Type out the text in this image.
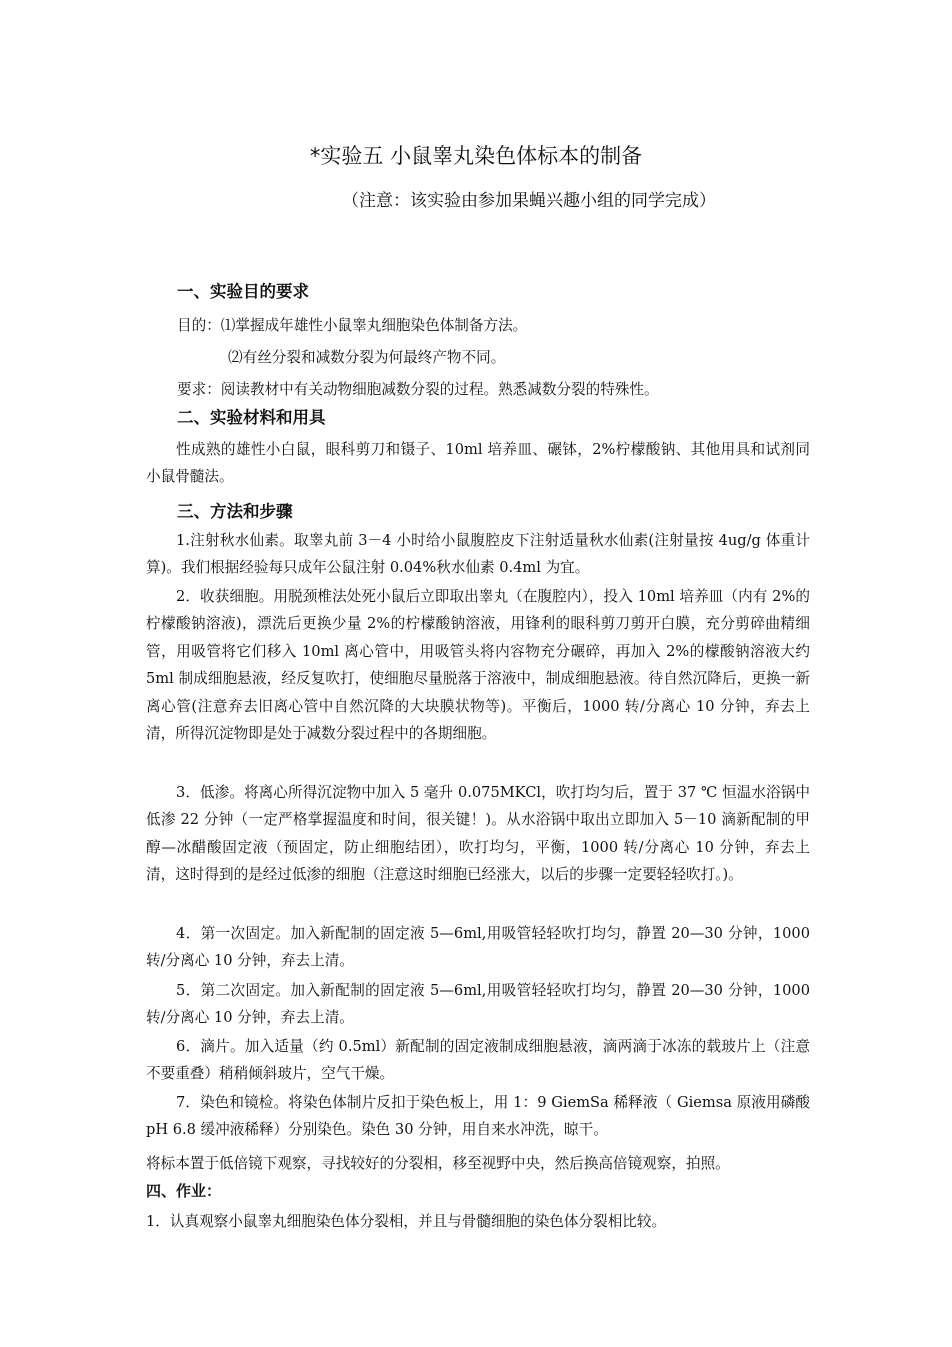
*实验五 小鼠睾丸染色体标本的制备
（注意：该实验由参加果蝇兴趣小组的同学完成）
一、实验目的要求
目的：⑴掌握成年雄性小鼠睾丸细胞染色体制备方法。
⑵有丝分裂和减数分裂为何最终产物不同。
要求：阅读教材中有关动物细胞减数分裂的过程。熟悉减数分裂的特殊性。
二、实验材料和用具
性成熟的雄性小白鼠，眼科剪刀和镊子、10ml 培养皿、碾钵，2%柠檬酸钠、其他用具和试剂同小鼠骨髓法。
三、方法和步骤
1.注射秋水仙素。取睾丸前 3－4 小时给小鼠腹腔皮下注射适量秋水仙素(注射量按 4ug/g 体重计算)。我们根据经验每只成年公鼠注射 0.04%秋水仙素 0.4ml 为宜。
2．收获细胞。用脱颈椎法处死小鼠后立即取出睾丸（在腹腔内），投入 10ml 培养皿（内有 2%的柠檬酸钠溶液)，漂洗后更换少量 2%的柠檬酸钠溶液，用锋利的眼科剪刀剪开白膜，充分剪碎曲精细管，用吸管将它们移入 10ml 离心管中，用吸管头将内容物充分碾碎，再加入 2%的檬酸钠溶液大约 5ml 制成细胞悬液，经反复吹打，使细胞尽量脱落于溶液中，制成细胞悬液。待自然沉降后，更换一新离心管(注意弃去旧离心管中自然沉降的大块膜状物等)。平衡后，1000 转/分离心 10 分钟，弃去上清，所得沉淀物即是处于减数分裂过程中的各期细胞。
3．低渗。将离心所得沉淀物中加入 5 毫升 0.075MKCl，吹打均匀后，置于 37 ℃ 恒温水浴锅中低渗 22 分钟（一定严格掌握温度和时间，很关键！)。从水浴锅中取出立即加入 5－10 滴新配制的甲醇—冰醋酸固定液（预固定，防止细胞结团），吹打均匀，平衡，1000 转/分离心 10 分钟，弃去上清，这时得到的是经过低渗的细胞（注意这时细胞已经涨大，以后的步骤一定要轻轻吹打。)。
4．第一次固定。加入新配制的固定液 5—6ml,用吸管轻轻吹打均匀，静置 20—30 分钟，1000 转/分离心 10 分钟，弃去上清。
5．第二次固定。加入新配制的固定液 5—6ml,用吸管轻轻吹打均匀，静置 20—30 分钟，1000 转/分离心 10 分钟，弃去上清。
6．滴片。加入适量（约 0.5ml）新配制的固定液制成细胞悬液，滴两滴于冰冻的载玻片上（注意不要重叠）稍稍倾斜玻片，空气干燥。
7．染色和镜检。将染色体制片反扣于染色板上，用 1：9 GiemSa 稀释液（ Giemsa 原液用磷酸 pH 6.8 缓冲液稀释）分别染色。染色 30 分钟，用自来水冲洗，晾干。
将标本置于低倍镜下观察，寻找较好的分裂相，移至视野中央，然后换高倍镜观察，拍照。
四、作业：
1．认真观察小鼠睾丸细胞染色体分裂相，并且与骨髓细胞的染色体分裂相比较。
